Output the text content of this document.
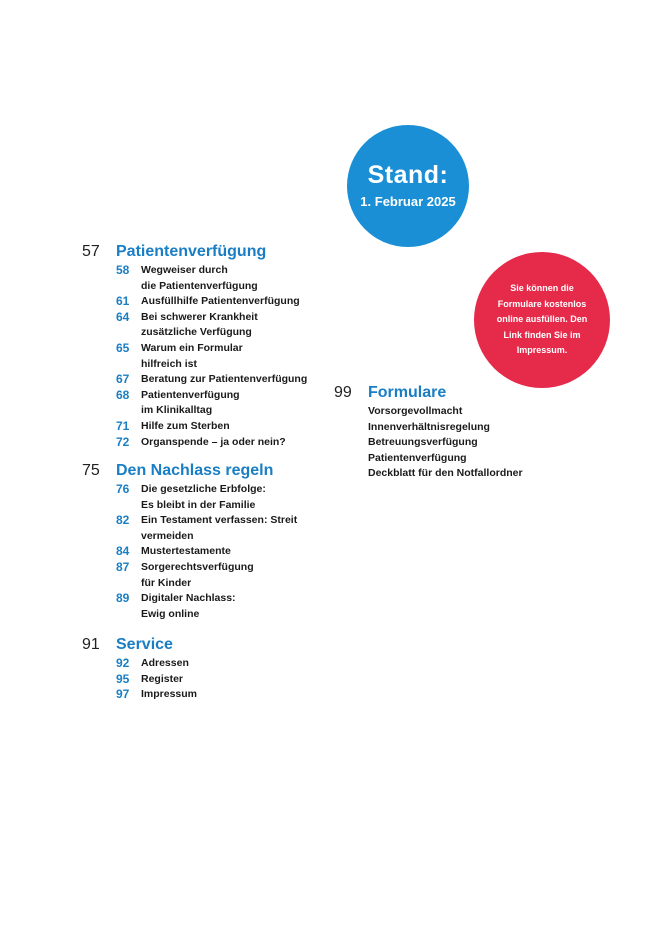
Stand:
1. Februar 2025
Sie können die Formulare kostenlos online ausfüllen. Den Link finden Sie im Impressum.
57	Patientenverfügung
58	Wegweiser durch
die Patientenverfügung
61	Ausfüllhilfe Patientenverfügung
64	Bei schwerer Krankheit
zusätzliche Verfügung
65	Warum ein Formular
hilfreich ist
67	Beratung zur Patientenverfügung
68	Patientenverfügung
im Klinikalltag
71	Hilfe zum Sterben
72	Organspende – ja oder nein?
75	Den Nachlass regeln
76	Die gesetzliche Erbfolge:
Es bleibt in der Familie
82	Ein Testament verfassen: Streit
vermeiden
84	Mustertestamente
87	Sorgerechtsverfügung
für Kinder
89	Digitaler Nachlass:
Ewig online
91	Service
92	Adressen
95	Register
97	Impressum
99	Formulare
Vorsorgevollmacht
Innenverhältnisregelung
Betreuungsverfügung
Patientenverfügung
Deckblatt für den Notfallordner
